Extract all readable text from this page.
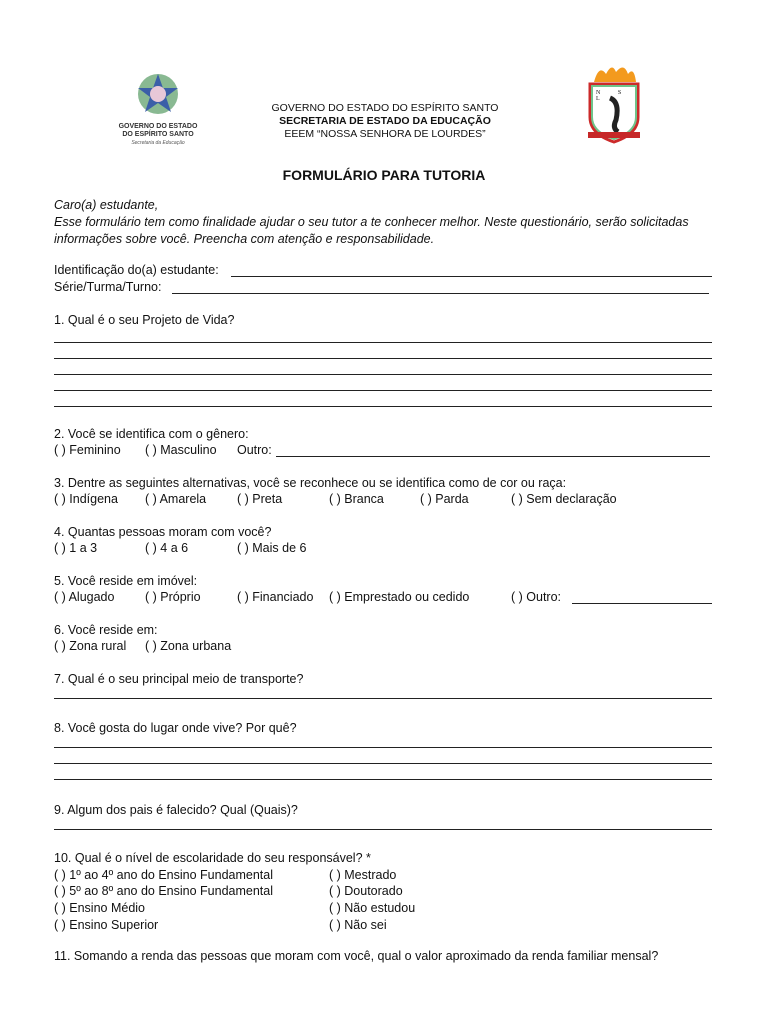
GOVERNO DO ESTADO
DO ESPÍRITO SANTO
Secretaria da Educação
GOVERNO DO ESTADO DO ESPÍRITO SANTO
SECRETARIA DE ESTADO DA EDUCAÇÃO
EEEM “NOSSA SENHORA DE LOURDES”
N S L
FORMULÁRIO PARA TUTORIA
Caro(a) estudante,
Esse formulário tem como finalidade ajudar o seu tutor a te conhecer melhor. Neste questionário, serão solicitadas
informações sobre você. Preencha com atenção e responsabilidade.
Identificação do(a) estudante:
Série/Turma/Turno:
1. Qual é o seu Projeto de Vida?
2. Você se identifica com o gênero:
( ) Feminino ( ) Masculino Outro:
3. Dentre as seguintes alternativas, você se reconhece ou se identifica como de cor ou raça:
( ) Indígena ( ) Amarela ( ) Preta	( ) Branca	( ) Parda	( ) Sem declaração
4. Quantas pessoas moram com você?
( ) 1 a 3	( ) 4 a 6	( ) Mais de 6
5. Você reside em imóvel:
( ) Alugado ( ) Próprio	( ) Financiado ( ) Emprestado ou cedido	( ) Outro:
6. Você reside em:
( ) Zona rural ( ) Zona urbana
7. Qual é o seu principal meio de transporte?
8. Você gosta do lugar onde vive? Por quê?
9. Algum dos pais é falecido? Qual (Quais)?
10. Qual é o nível de escolaridade do seu responsável? *
( ) 1º ao 4º ano do Ensino Fundamental	( ) Mestrado
( ) 5º ao 8º ano do Ensino Fundamental	( ) Doutorado
( ) Ensino Médio	( ) Não estudou
( ) Ensino Superior	( ) Não sei
11. Somando a renda das pessoas que moram com você, qual o valor aproximado da renda familiar mensal?
